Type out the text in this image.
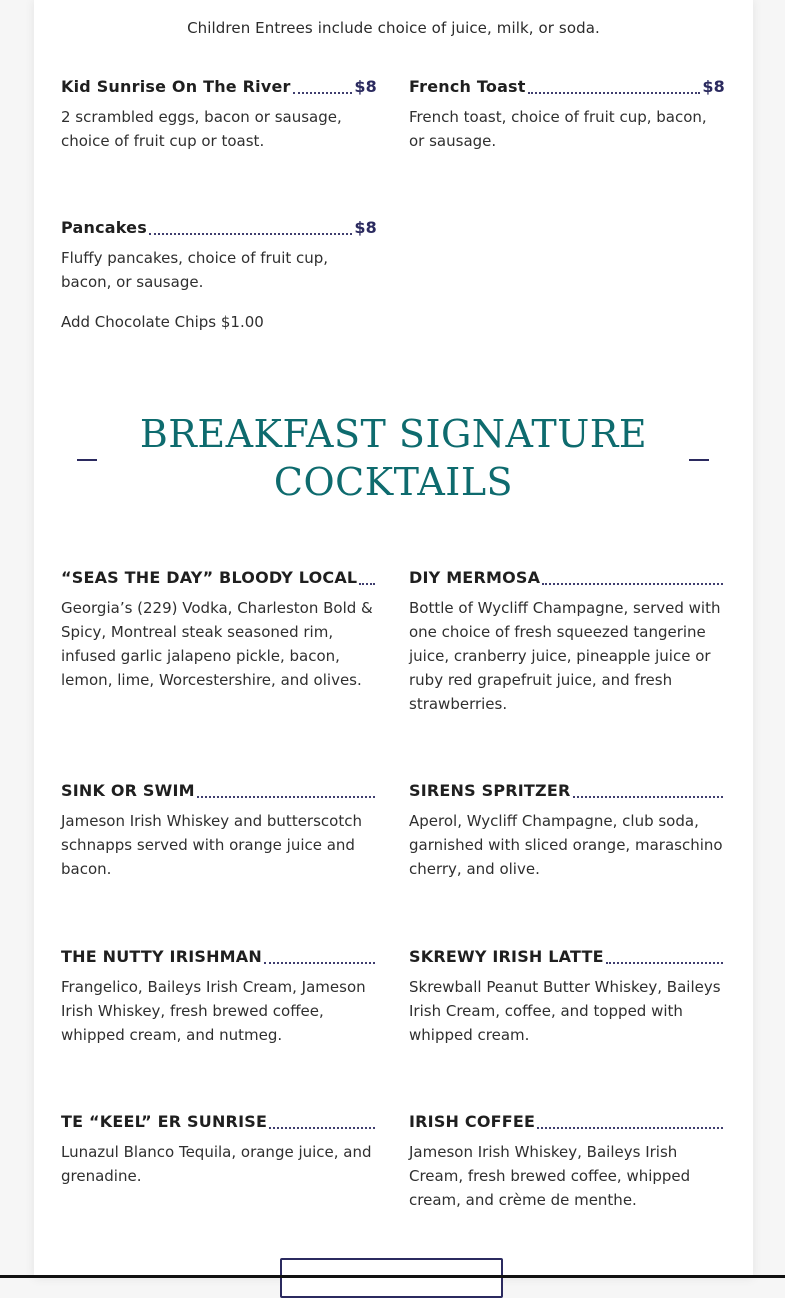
Children Entrees include choice of juice, milk, or soda.
Kid Sunrise On The River	$8
2 scrambled eggs, bacon or sausage, choice of fruit cup or toast.
French Toast	$8
French toast, choice of fruit cup, bacon, or sausage.
Pancakes	$8
Fluffy pancakes, choice of fruit cup, bacon, or sausage.
Add Chocolate Chips $1.00
BREAKFAST SIGNATURE
COCKTAILS
“SEAS THE DAY” BLOODY LOCAL
Georgia’s (229) Vodka, Charleston Bold & Spicy, Montreal steak seasoned rim, infused garlic jalapeno pickle, bacon, lemon, lime, Worcestershire, and olives.
DIY MERMOSA
Bottle of Wycliff Champagne, served with one choice of fresh squeezed tangerine juice, cranberry juice, pineapple juice or ruby red grapefruit juice, and fresh strawberries.
SINK OR SWIM
Jameson Irish Whiskey and butterscotch schnapps served with orange juice and bacon.
SIRENS SPRITZER
Aperol, Wycliff Champagne, club soda, garnished with sliced orange, maraschino cherry, and olive.
THE NUTTY IRISHMAN
Frangelico, Baileys Irish Cream, Jameson Irish Whiskey, fresh brewed coffee, whipped cream, and nutmeg.
SKREWY IRISH LATTE
Skrewball Peanut Butter Whiskey, Baileys Irish Cream, coffee, and topped with whipped cream.
TE “KEEL” ER SUNRISE
Lunazul Blanco Tequila, orange juice, and grenadine.
IRISH COFFEE
Jameson Irish Whiskey, Baileys Irish Cream, fresh brewed coffee, whipped cream, and crème de menthe.
